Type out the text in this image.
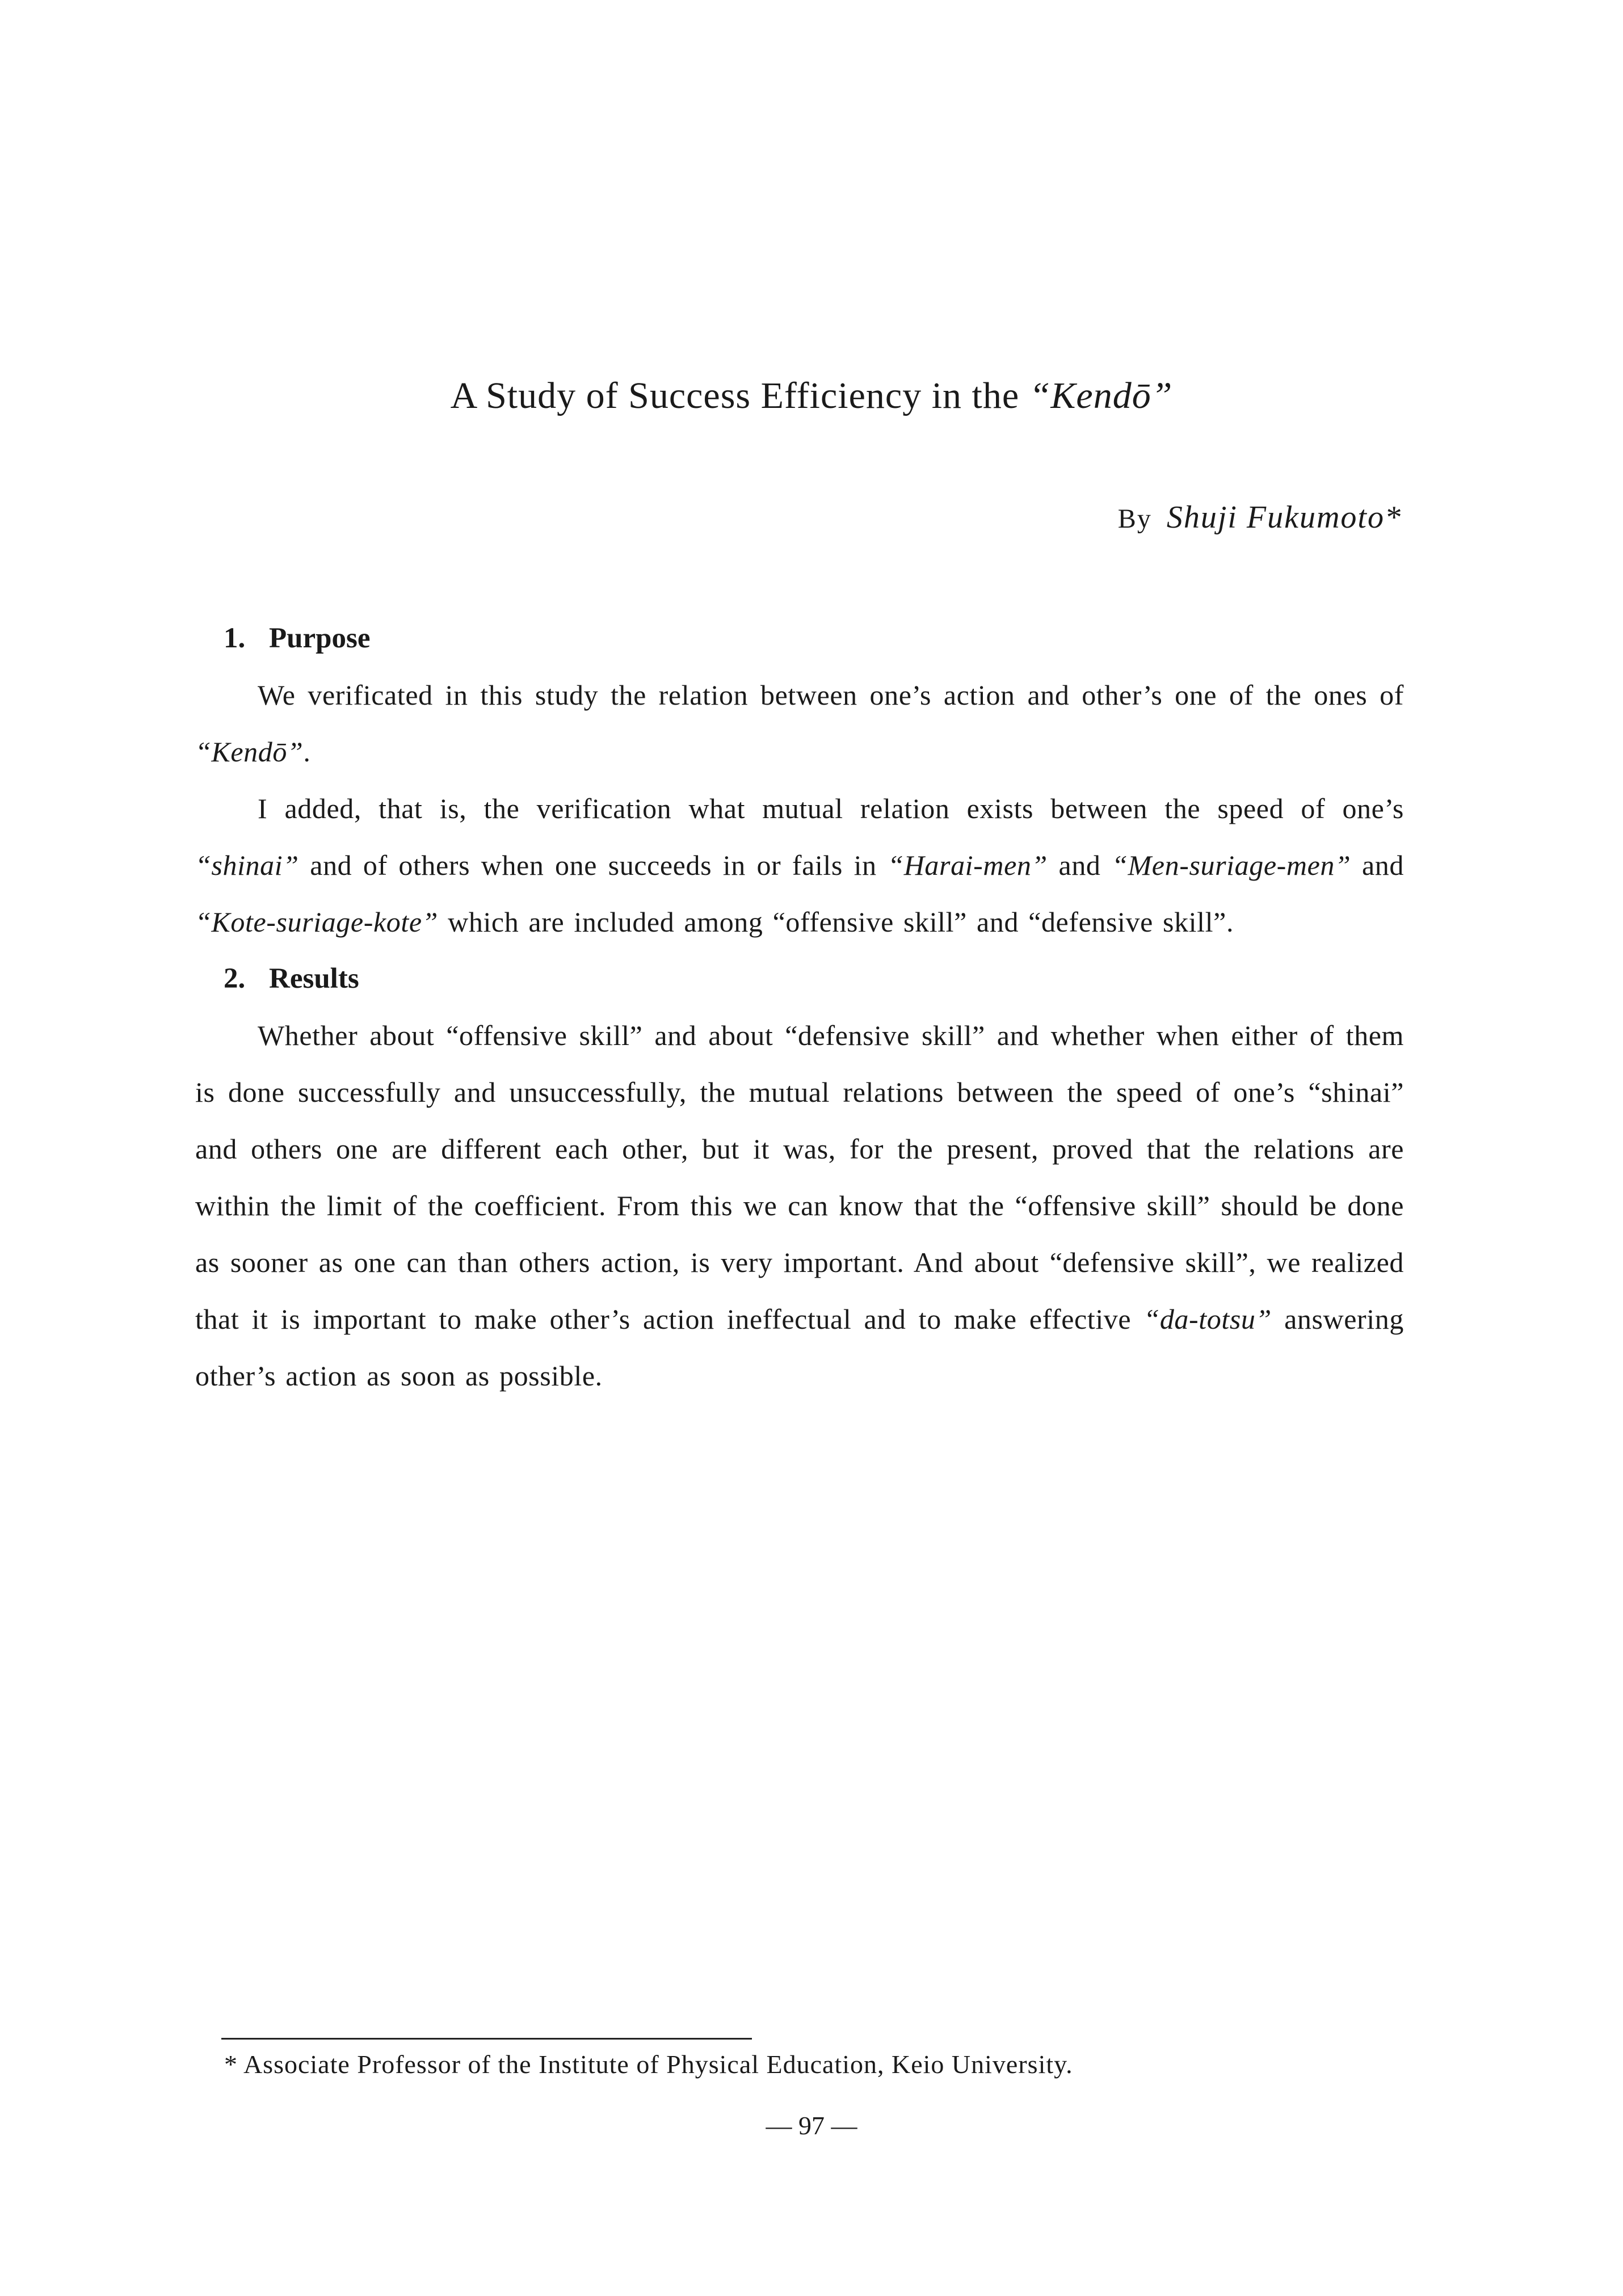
A Study of Success Efficiency in the “Kendō”
By Shuji Fukumoto*
1. Purpose

We verificated in this study the relation between one’s action and other’s one of the ones of “Kendō”.

I added, that is, the verification what mutual relation exists between the speed of one’s “shinai” and of others when one succeeds in or fails in “Harai-men” and “Men-suriage-men” and “Kote-suriage-kote” which are included among “offensive skill” and “defensive skill”.

2. Results

Whether about “offensive skill” and about “defensive skill” and whether when either of them is done successfully and unsuccessfully, the mutual relations between the speed of one’s “shinai” and others one are different each other, but it was, for the present, proved that the relations are within the limit of the coefficient. From this we can know that the “offensive skill” should be done as sooner as one can than others action, is very important. And about “defensive skill”, we realized that it is important to make other’s action ineffectual and to make effective “da-totsu” answering other’s action as soon as possible.

* Associate Professor of the Institute of Physical Education, Keio University.
— 97 —
